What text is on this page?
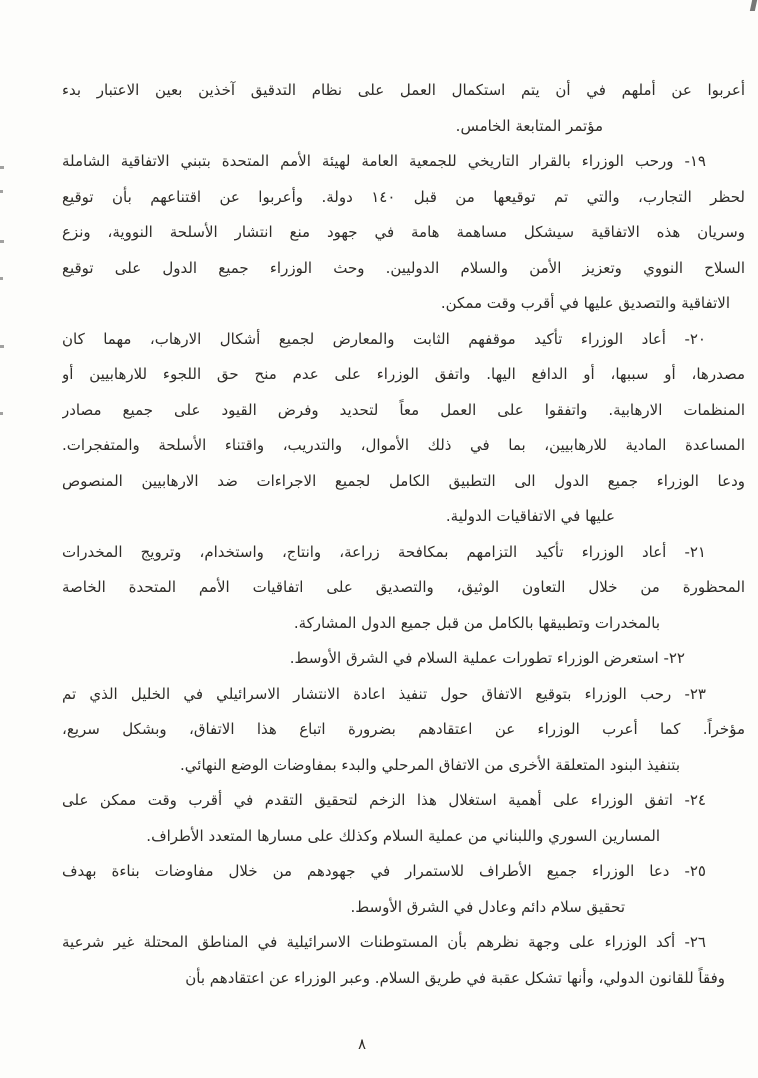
أعربوا عن أملهم في أن يتم استكمال العمل على نظام التدقيق آخذين بعين الاعتبار بدء
مؤتمر المتابعة الخامس.
١٩- ورحب الوزراء بالقرار التاريخي للجمعية العامة لهيئة الأمم المتحدة بتبني الاتفاقية الشاملة
لحظر التجارب، والتي تم توقيعها من قبل ١٤٠ دولة. وأعربوا عن اقتناعهم بأن توقيع
وسريان هذه الاتفاقية سيشكل مساهمة هامة في جهود منع انتشار الأسلحة النووية، ونزع
السلاح النووي وتعزيز الأمن والسلام الدوليين. وحث الوزراء جميع الدول على توقيع
الاتفاقية والتصديق عليها في أقرب وقت ممكن.
٢٠- أعاد الوزراء تأكيد موقفهم الثابت والمعارض لجميع أشكال الارهاب، مهما كان
مصدرها، أو سببها، أو الدافع اليها. واتفق الوزراء على عدم منح حق اللجوء للارهابيين أو
المنظمات الارهابية. واتفقوا على العمل معاً لتحديد وفرض القيود على جميع مصادر
المساعدة المادية للارهابيين، بما في ذلك الأموال، والتدريب، واقتناء الأسلحة والمتفجرات.
ودعا الوزراء جميع الدول الى التطبيق الكامل لجميع الاجراءات ضد الارهابيين المنصوص
عليها في الاتفاقيات الدولية.
٢١- أعاد الوزراء تأكيد التزامهم بمكافحة زراعة، وانتاج، واستخدام، وترويج المخدرات
المحظورة من خلال التعاون الوثيق، والتصديق على اتفاقيات الأمم المتحدة الخاصة
بالمخدرات وتطبيقها بالكامل من قبل جميع الدول المشاركة.
٢٢- استعرض الوزراء تطورات عملية السلام في الشرق الأوسط.
٢٣- رحب الوزراء بتوقيع الاتفاق حول تنفيذ اعادة الانتشار الاسرائيلي في الخليل الذي تم
مؤخراً. كما أعرب الوزراء عن اعتقادهم بضرورة اتباع هذا الاتفاق، وبشكل سريع،
بتنفيذ البنود المتعلقة الأخرى من الاتفاق المرحلي والبدء بمفاوضات الوضع النهائي.
٢٤- اتفق الوزراء على أهمية استغلال هذا الزخم لتحقيق التقدم في أقرب وقت ممكن على
المسارين السوري واللبناني من عملية السلام وكذلك على مسارها المتعدد الأطراف.
٢٥- دعا الوزراء جميع الأطراف للاستمرار في جهودهم من خلال مفاوضات بناءة بهدف
تحقيق سلام دائم وعادل في الشرق الأوسط.
٢٦- أكد الوزراء على وجهة نظرهم بأن المستوطنات الاسرائيلية في المناطق المحتلة غير شرعية
وفقاً للقانون الدولي، وأنها تشكل عقبة في طريق السلام. وعبر الوزراء عن اعتقادهم بأن
٨
